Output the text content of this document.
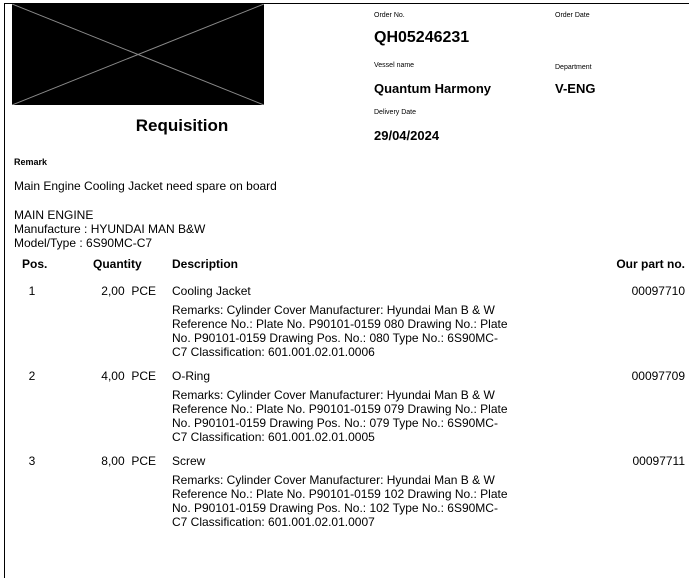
Requisition
Order No.
QH05246231
Order Date
Vessel name
Quantum Harmony
Department
V-ENG
Delivery Date
29/04/2024
Remark
Main Engine Cooling Jacket need spare on board
MAIN ENGINE
Manufacture : HYUNDAI MAN B&W
Model/Type : 6S90MC-C7
Pos.	Quantity	Description	Our part no.
1	2,00 PCE Cooling Jacket	00097710
Remarks: Cylinder Cover Manufacturer: Hyundai Man B & W
Reference No.: Plate No. P90101-0159 080 Drawing No.: Plate
No. P90101-0159 Drawing Pos. No.: 080 Type No.: 6S90MC-
C7 Classification: 601.001.02.01.0006
2	4,00 PCE O-Ring	00097709
Remarks: Cylinder Cover Manufacturer: Hyundai Man B & W
Reference No.: Plate No. P90101-0159 079 Drawing No.: Plate
No. P90101-0159 Drawing Pos. No.: 079 Type No.: 6S90MC-
C7 Classification: 601.001.02.01.0005
3	8,00 PCE Screw	00097711
Remarks: Cylinder Cover Manufacturer: Hyundai Man B & W
Reference No.: Plate No. P90101-0159 102 Drawing No.: Plate
No. P90101-0159 Drawing Pos. No.: 102 Type No.: 6S90MC-
C7 Classification: 601.001.02.01.0007
